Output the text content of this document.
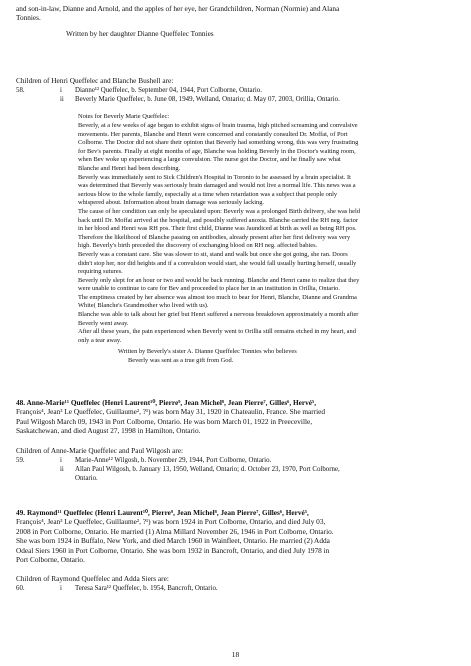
and son-in-law, Dianne and Arnold, and the apples of her eye, her Grandchildren, Norman (Normie) and Alana
Tonnies.
Written by her daughter Dianne Queffelec Tonnies
Children of Henri Queffelec and Blanche Bushell are:
58.	i Dianne¹² Queffelec, b. September 04, 1944, Port Colborne, Ontario.
ii Beverly Marie Queffelec, b. June 08, 1949, Welland, Ontario; d. May 07, 2003, Orillia, Ontario.
Notes for Beverly Marie Queffelec:
Beverly, at a few weeks of age began to exhibit signs of brain trauma, high pitched screaming and convulsive
movements. Her parents, Blanche and Henri were concerned and constantly consulted Dr. Moffat, of Port
Colborne. The Doctor did not share their opinion that Beverly had something wrong, this was very frustrating
for Bev's parents. Finally at eight months of age, Blanche was holding Beverly in the Doctor's waiting room,
when Bev woke up experiencing a large convulsion. The nurse got the Doctor, and he finally saw what
Blanche and Henri had been describing.
Beverly was immediately sent to Sick Children's Hospital in Toronto to be assessed by a brain specialist. It
was determined that Beverly was seriously brain damaged and would not live a normal life. This news was a
serious blow to the whole family, especially at a time when retardation was a subject that people only
whispered about. Information about brain damage was seriously lacking.
The cause of her condition can only be speculated upon: Beverly was a prolonged Birth delivery, she was held
back until Dr. Moffat arrived at the hospital, and possibly suffered anoxia. Blanche carried the RH neg. factor
in her blood and Henri was RH pos. Their first child, Dianne was Jaundiced at birth as well as being RH pos.
Therefore the likelihood of Blanche passing on antibodies, already present after her first delivery was very
high. Beverly's birth preceded the discovery of exchanging blood on RH neg. affected babies.
Beverly was a constant care. She was slower to sit, stand and walk but once she got going, she ran. Doors
didn't stop her, nor did heights and if a convulsion would start, she would fall usually hurting herself, usually
requiring sutures.
Beverly only slept for an hour or two and would be back running. Blanche and Henri came to realize that they
were unable to continue to care for Bev and proceeded to place her in an institution in Orillia, Ontario.
The emptiness created by her absence was almost too much to bear for Henri, Blanche, Dianne and Grandma
White( Blanche's Grandmother who lived with us).
Blanche was able to talk about her grief but Henri suffered a nervous breakdown approximately a month after
Beverly went away.
After all these years, the pain experienced when Beverly went to Orillia still remains etched in my heart, and
only a tear away.
Written by Beverly's sister A. Dianne Queffelec Tonnies who believes
Beverly was sent as a true gift from God.
48. Anne-Marie¹¹ Queffelec (Henri Laurent¹⁰, Pierre⁹, Jean Michel⁸, Jean Pierre⁷, Gilles⁶, Hervé⁵,
François⁴, Jean³ Le Queffelec, Guillaume², ?¹) was born May 31, 1920 in Chateaulin, France. She married
Paul Wilgosh March 09, 1943 in Port Colborne, Ontario. He was born March 01, 1922 in Preeceville,
Saskatchewan, and died August 27, 1998 in Hamilton, Ontario.
Children of Anne-Marie Queffelec and Paul Wilgosh are:
59.	i Marie-Anne¹² Wilgosh, b. November 29, 1944, Port Colborne, Ontario.
ii Allan Paul Wilgosh, b. January 13, 1950, Welland, Ontario; d. October 23, 1970, Port Colborne,
Ontario.
49. Raymond¹¹ Queffelec (Henri Laurent¹⁰, Pierre⁹, Jean Michel⁸, Jean Pierre⁷, Gilles⁶, Hervé⁵,
François⁴, Jean³ Le Queffelec, Guillaume², ?¹) was born 1924 in Port Colborne, Ontario, and died July 03,
2008 in Port Colborne, Ontario. He married (1) Alma Millard November 26, 1946 in Port Colborne, Ontario.
She was born 1924 in Buffalo, New York, and died March 1960 in Wainfleet, Ontario. He married (2) Adda
Odeal Siers 1960 in Port Colborne, Ontario. She was born 1932 in Bancroft, Ontario, and died July 1978 in
Port Colborne, Ontario.
Children of Raymond Queffelec and Adda Siers are:
60.	i Teresa Sara¹² Queffelec, b. 1954, Bancroft, Ontario.
18
